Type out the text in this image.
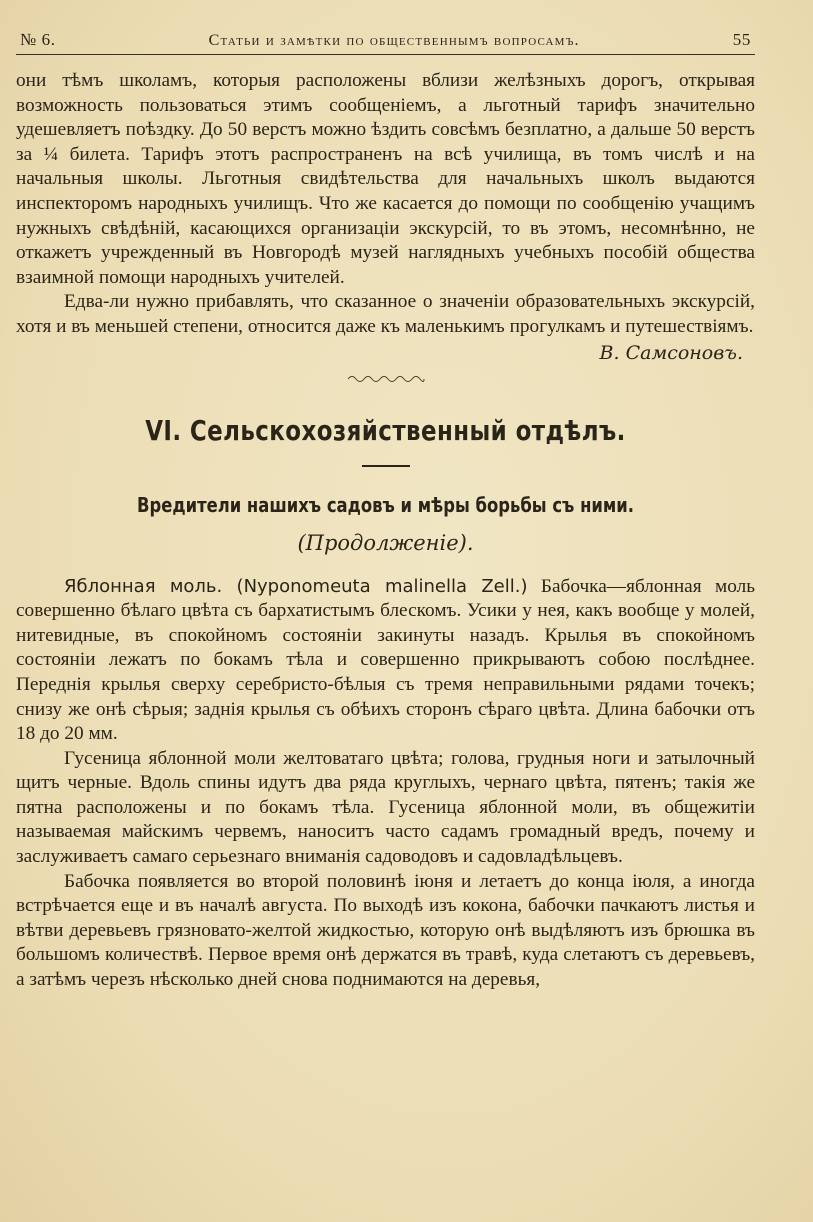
№ 6.	Статьи и замѣтки по общественнымъ вопросамъ.	55

они тѣмъ школамъ, которыя расположены вблизи желѣзныхъ дорогъ, открывая возможность пользоваться этимъ сообщеніемъ, а льготный тарифъ значительно удешевляетъ поѣздку. До 50 верстъ можно ѣздить совсѣмъ безплатно, а дальше 50 верстъ за ¼ билета. Тарифъ этотъ распространенъ на всѣ училища, въ томъ числѣ и на начальныя школы. Льготныя свидѣтельства для начальныхъ школъ выдаются инспекторомъ народныхъ училищъ. Что же касается до помощи по сообщенію учащимъ нужныхъ свѣдѣній, касающихся организаціи экскурсій, то въ этомъ, несомнѣнно, не откажетъ учрежденный въ Новгородѣ музей наглядныхъ учебныхъ пособій общества взаимной помощи народныхъ учителей.

Едва-ли нужно прибавлять, что сказанное о значеніи образовательныхъ экскурсій, хотя и въ меньшей степени, относится даже къ маленькимъ прогулкамъ и путешествіямъ.

В. Самсоновъ.
VI. Сельскохозяйственный отдѣлъ.
Вредители нашихъ садовъ и мѣры борьбы съ ними.
(Продолженіе).

Яблонная моль. (Nyponomeuta malinella Zell.) Бабочка—яблонная моль совершенно бѣлаго цвѣта съ бархатистымъ блескомъ. Усики у нея, какъ вообще у молей, нитевидные, въ спокойномъ состояніи закинуты назадъ. Крылья въ спокойномъ состояніи лежатъ по бокамъ тѣла и совершенно прикрываютъ собою послѣднее. Переднія крылья сверху серебристо-бѣлыя съ тремя неправильными рядами точекъ; снизу же онѣ сѣрыя; заднія крылья съ обѣихъ сторонъ сѣраго цвѣта. Длина бабочки отъ 18 до 20 мм.

Гусеница яблонной моли желтоватаго цвѣта; голова, грудныя ноги и затылочный щитъ черные. Вдоль спины идутъ два ряда круглыхъ, чернаго цвѣта, пятенъ; такія же пятна расположены и по бокамъ тѣла. Гусеница яблонной моли, въ общежитіи называемая майскимъ червемъ, наноситъ часто садамъ громадный вредъ, почему и заслуживаетъ самаго серьезнаго вниманія садоводовъ и садовладѣльцевъ.

Бабочка появляется во второй половинѣ іюня и летаетъ до конца іюля, а иногда встрѣчается еще и въ началѣ августа. По выходѣ изъ кокона, бабочки пачкаютъ листья и вѣтви деревьевъ грязновато-желтой жидкостью, которую онѣ выдѣляютъ изъ брюшка въ большомъ количествѣ. Первое время онѣ держатся въ травѣ, куда слетаютъ съ деревьевъ, а затѣмъ черезъ нѣсколько дней снова поднимаются на деревья,
